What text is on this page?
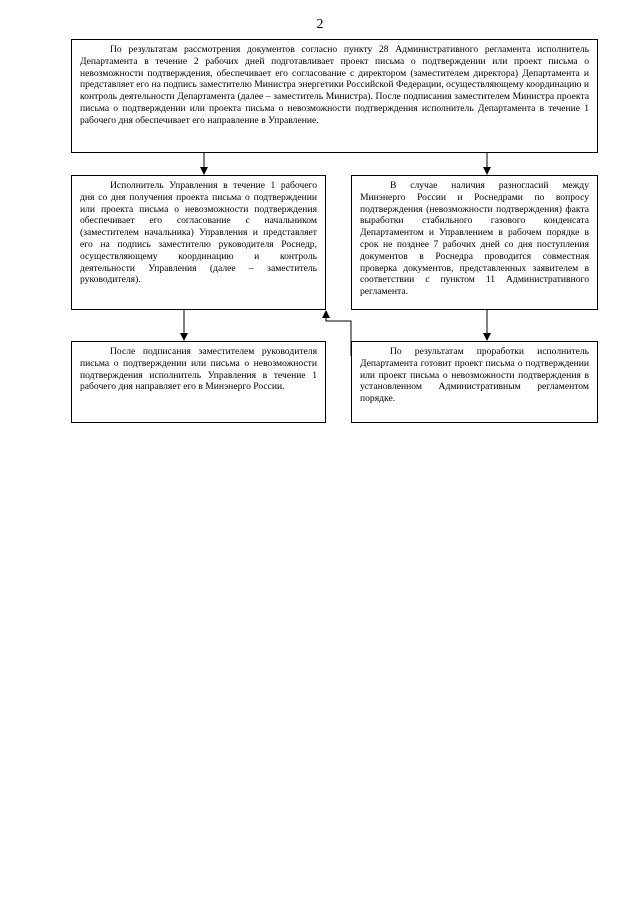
2
По результатам рассмотрения документов согласно пункту 28 Административного регламента исполнитель Департамента в течение 2 рабочих дней подготавливает проект письма о подтверждении или проект письма о невозможности подтверждения, обеспечивает его согласование с директором (заместителем директора) Департамента и представляет его на подпись заместителю Министра энергетики Российской Федерации, осуществляющему координацию и контроль деятельности Департамента (далее – заместитель Министра). После подписания заместителем Министра проекта письма о подтверждении или проекта письма о невозможности подтверждения исполнитель Департамента в течение 1 рабочего дня обеспечивает его направление в Управление.
Исполнитель Управления в течение 1 рабочего дня со дня получения проекта письма о подтверждении или проекта письма о невозможности подтверждения обеспечивает его согласование с начальником (заместителем начальника) Управления и представляет его на подпись заместителю руководителя Роснедр, осуществляющему координацию и контроль деятельности Управления (далее – заместитель руководителя).
В случае наличия разногласий между Минэнерго России и Роснедрами по вопросу подтверждения (невозможности подтверждения) факта выработки стабильного газового конденсата Департаментом и Управлением в рабочем порядке в срок не позднее 7 рабочих дней со дня поступления документов в Роснедра проводится совместная проверка документов, представленных заявителем в соответствии с пунктом 11 Административного регламента.
После подписания заместителем руководителя письма о подтверждении или письма о невозможности подтверждения исполнитель Управления в течение 1 рабочего дня направляет его в Минэнерго России.
По результатам проработки исполнитель Департамента готовит проект письма о подтверждении или проект письма о невозможности подтверждения в установленном Административным регламентом порядке.
